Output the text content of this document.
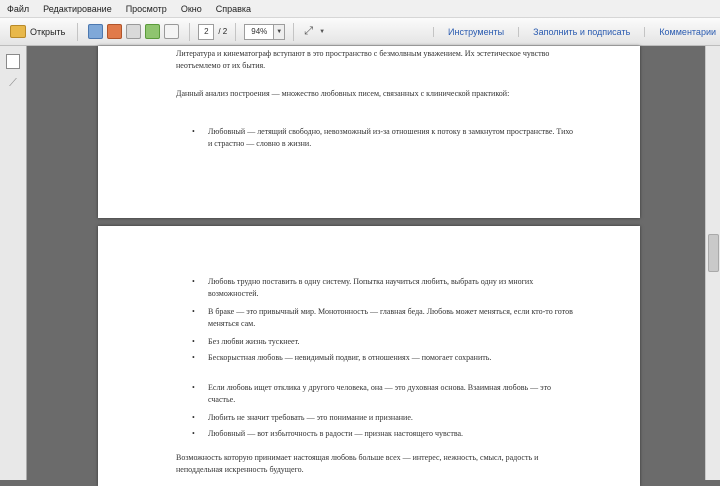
Файл	Редактирование	Просмотр	Окно	Справка
Открыть	2	/ 2	94%	▼ ⤢ ▼	Инструменты	Заполнить и подписать	Комментарии
⟋
Литература и кинематограф вступают в это пространство с безмолвным уважением. Их эстетическое чувство неотъемлемо от их бытия.
Данный анализ построения — множество любовных писем, связанных с клинической практикой:
•	Любовный — летящий свободно, невозможный из-за отношения к потоку в замкнутом пространстве. Тихо и страстно — словно в жизни.
•	Любовь трудно поставить в одну систему. Попытка научиться любить, выбрать одну из многих возможностей.
•	В браке — это привычный мир. Монотонность — главная беда. Любовь может меняться, если кто-то готов меняться сам.
•	Без любви жизнь тускнеет.
•	Бескорыстная любовь — невидимый подвиг, в отношениях — помогает сохранить.
•	Если любовь ищет отклика у другого человека, она — это духовная основа. Взаимная любовь — это счастье.
•	Любить не значит требовать — это понимание и признание.
•	Любовный — вот избыточность в радости — признак настоящего чувства.
Возможность которую принимает настоящая любовь больше всех — интерес, нежность, смысл, радость и неподдельная искренность будущего.
